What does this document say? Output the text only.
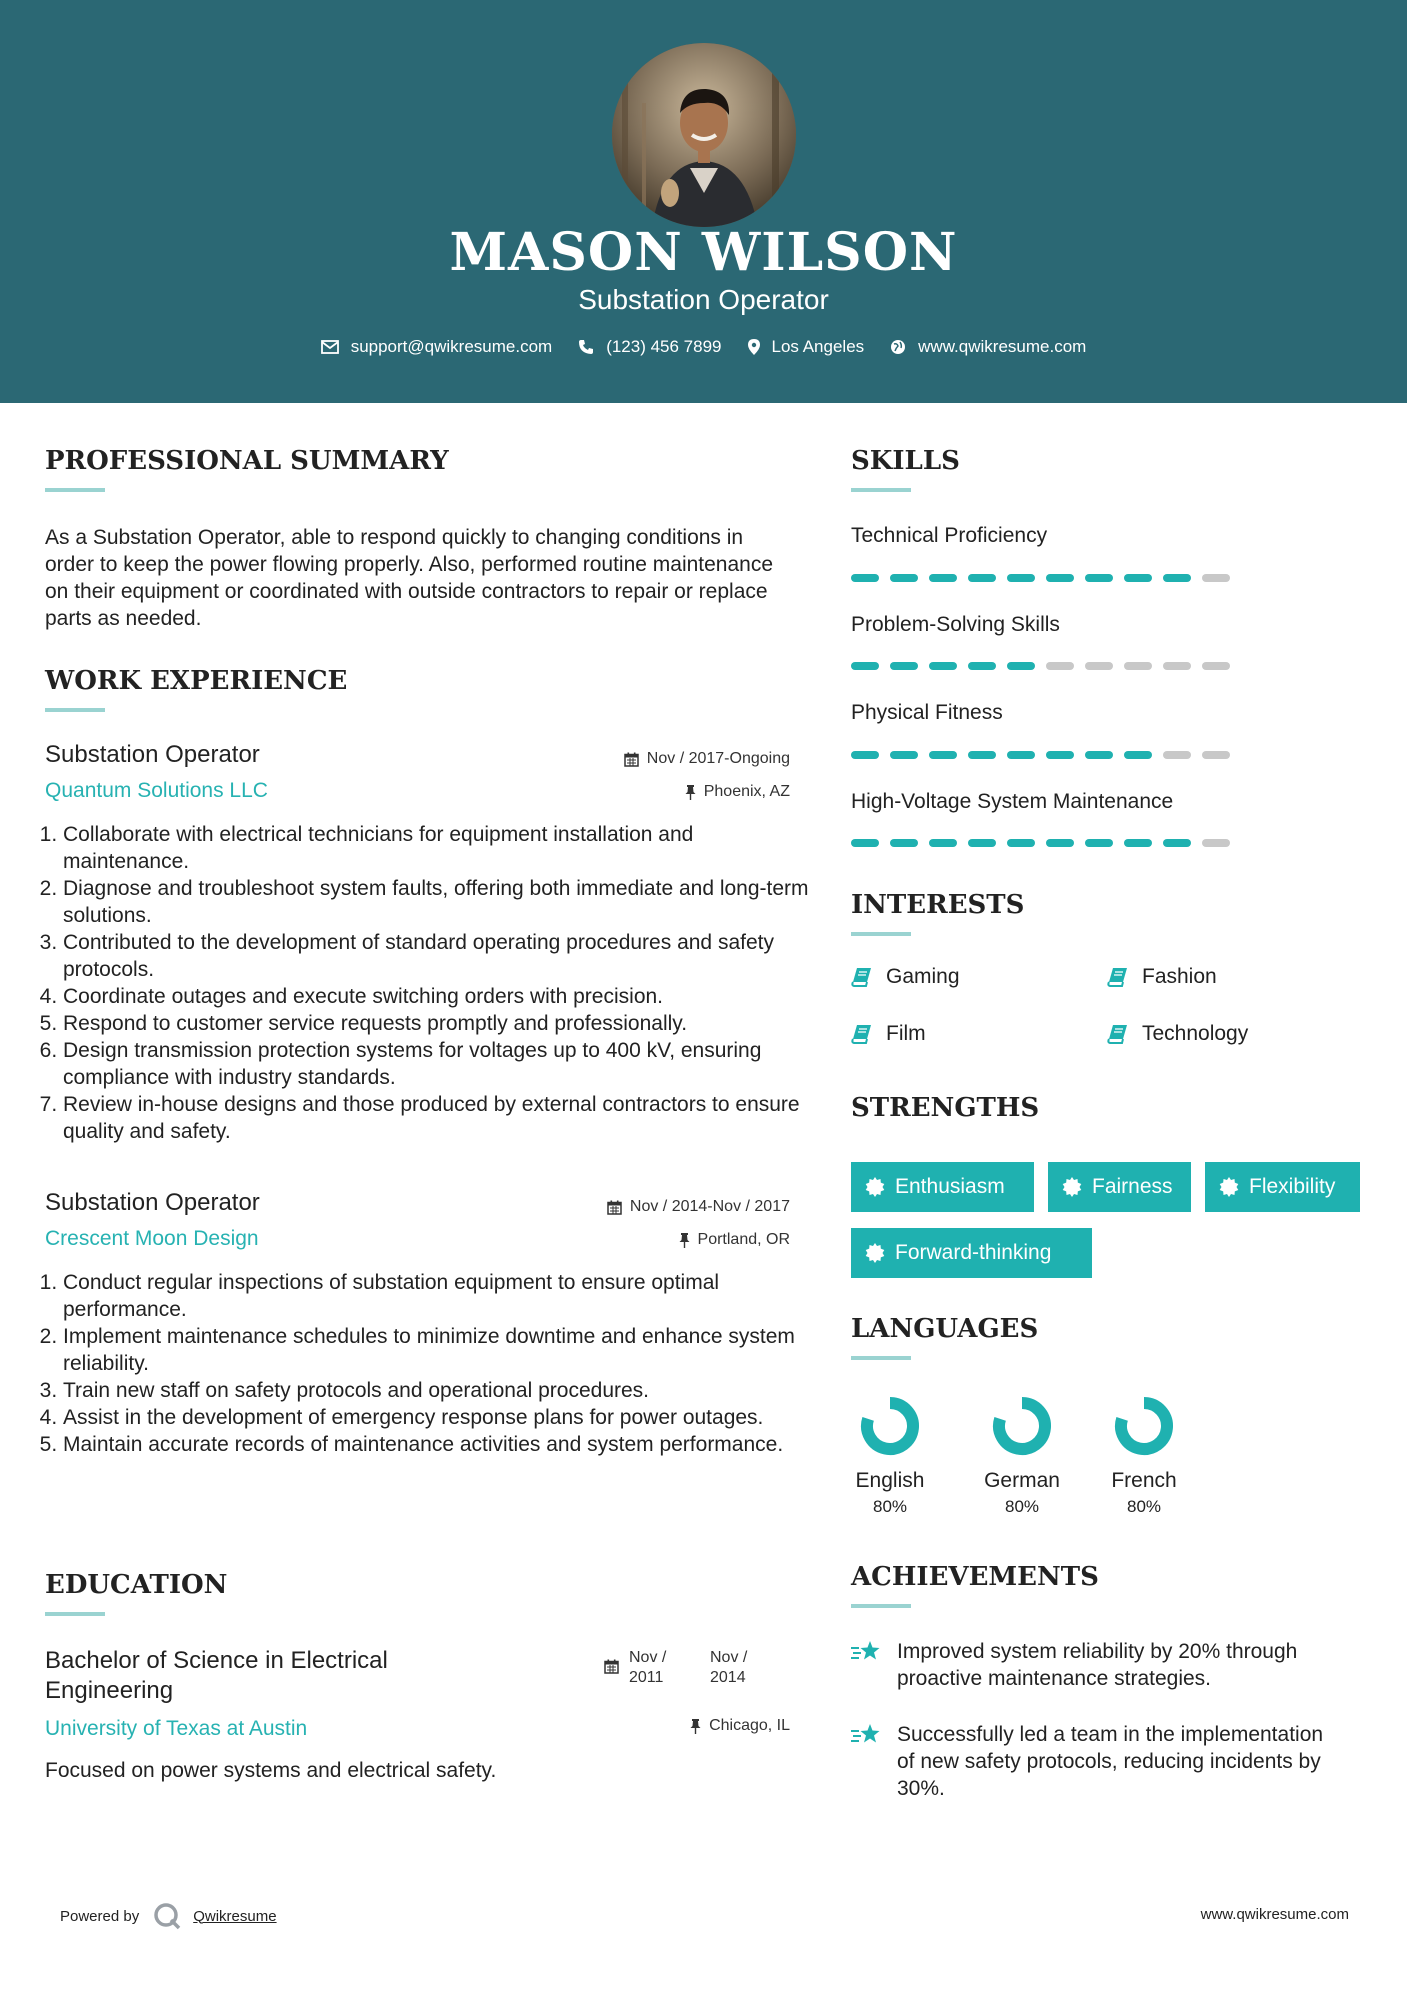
MASON WILSON
Substation Operator
support@qwikresume.com	(123) 456 7899	Los Angeles	www.qwikresume.com
PROFESSIONAL SUMMARY
As a Substation Operator, able to respond quickly to changing conditions in order to keep the power flowing properly. Also, performed routine maintenance on their equipment or coordinated with outside contractors to repair or replace parts as needed.
WORK EXPERIENCE
Substation Operator
Quantum Solutions LLC
Nov / 2017-Ongoing
Phoenix, AZ
1. Collaborate with electrical technicians for equipment installation and maintenance.
2. Diagnose and troubleshoot system faults, offering both immediate and long-term solutions.
3. Contributed to the development of standard operating procedures and safety protocols.
4. Coordinate outages and execute switching orders with precision.
5. Respond to customer service requests promptly and professionally.
6. Design transmission protection systems for voltages up to 400 kV, ensuring compliance with industry standards.
7. Review in-house designs and those produced by external contractors to ensure quality and safety.
Substation Operator
Crescent Moon Design
Nov / 2014-Nov / 2017
Portland, OR
1. Conduct regular inspections of substation equipment to ensure optimal performance.
2. Implement maintenance schedules to minimize downtime and enhance system reliability.
3. Train new staff on safety protocols and operational procedures.
4. Assist in the development of emergency response plans for power outages.
5. Maintain accurate records of maintenance activities and system performance.
EDUCATION
Bachelor of Science in Electrical Engineering
University of Texas at Austin
Nov / 2011
Nov / 2014
Chicago, IL
Focused on power systems and electrical safety.
SKILLS
Technical Proficiency
Problem-Solving Skills
Physical Fitness
High-Voltage System Maintenance
INTERESTS
Gaming	Fashion
Film	Technology
STRENGTHS
Enthusiasm	Fairness	Flexibility
Forward-thinking
LANGUAGES
English
80%
German
80%
French
80%
ACHIEVEMENTS
Improved system reliability by 20% through proactive maintenance strategies.
Successfully led a team in the implementation of new safety protocols, reducing incidents by 30%.
Powered by	Qwikresume	www.qwikresume.com
